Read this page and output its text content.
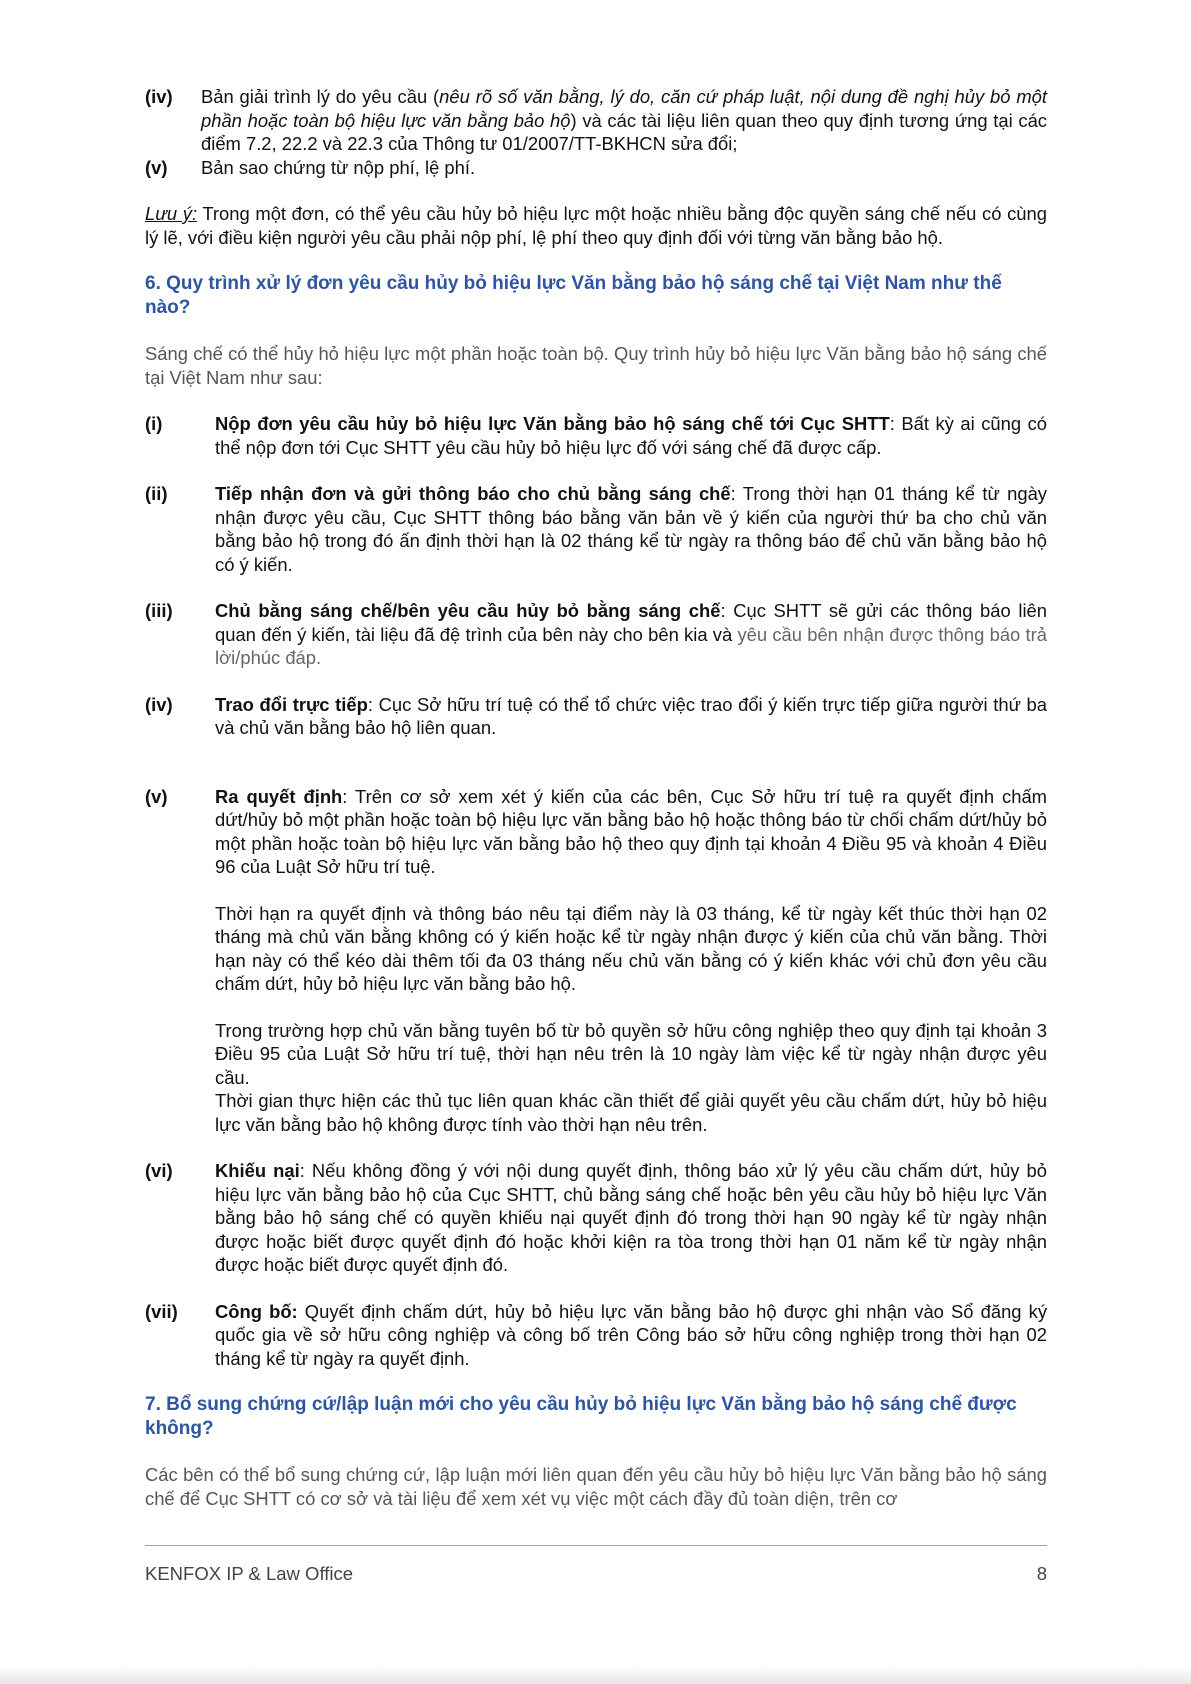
(iv)	Bản giải trình lý do yêu cầu (nêu rõ số văn bằng, lý do, căn cứ pháp luật, nội dung đề nghị hủy bỏ một phần hoặc toàn bộ hiệu lực văn bằng bảo hộ) và các tài liệu liên quan theo quy định tương ứng tại các điểm 7.2, 22.2 và 22.3 của Thông tư 01/2007/TT-BKHCN sửa đổi;
(v)	Bản sao chứng từ nộp phí, lệ phí.

Lưu ý: Trong một đơn, có thể yêu cầu hủy bỏ hiệu lực một hoặc nhiều bằng độc quyền sáng chế nếu có cùng lý lẽ, với điều kiện người yêu cầu phải nộp phí, lệ phí theo quy định đối với từng văn bằng bảo hộ.

6. Quy trình xử lý đơn yêu cầu hủy bỏ hiệu lực Văn bằng bảo hộ sáng chế tại Việt Nam như thế nào?

Sáng chế có thể hủy hỏ hiệu lực một phần hoặc toàn bộ. Quy trình hủy bỏ hiệu lực Văn bằng bảo hộ sáng chế tại Việt Nam như sau:

(i)	Nộp đơn yêu cầu hủy bỏ hiệu lực Văn bằng bảo hộ sáng chế tới Cục SHTT: Bất kỳ ai cũng có thể nộp đơn tới Cục SHTT yêu cầu hủy bỏ hiệu lực đố với sáng chế đã được cấp.
(ii)	Tiếp nhận đơn và gửi thông báo cho chủ bằng sáng chế: Trong thời hạn 01 tháng kể từ ngày nhận được yêu cầu, Cục SHTT thông báo bằng văn bản về ý kiến của người thứ ba cho chủ văn bằng bảo hộ trong đó ấn định thời hạn là 02 tháng kể từ ngày ra thông báo để chủ văn bằng bảo hộ có ý kiến.
(iii)	Chủ bằng sáng chế/bên yêu cầu hủy bỏ bằng sáng chế: Cục SHTT sẽ gửi các thông báo liên quan đến ý kiến, tài liệu đã đệ trình của bên này cho bên kia và yêu cầu bên nhận được thông báo trả lời/phúc đáp.
(iv)	Trao đổi trực tiếp: Cục Sở hữu trí tuệ có thể tổ chức việc trao đổi ý kiến trực tiếp giữa người thứ ba và chủ văn bằng bảo hộ liên quan.
(v)	Ra quyết định: Trên cơ sở xem xét ý kiến của các bên, Cục Sở hữu trí tuệ ra quyết định chấm dứt/hủy bỏ một phần hoặc toàn bộ hiệu lực văn bằng bảo hộ hoặc thông báo từ chối chấm dứt/hủy bỏ một phần hoặc toàn bộ hiệu lực văn bằng bảo hộ theo quy định tại khoản 4 Điều 95 và khoản 4 Điều 96 của Luật Sở hữu trí tuệ.
Thời hạn ra quyết định và thông báo nêu tại điểm này là 03 tháng, kể từ ngày kết thúc thời hạn 02 tháng mà chủ văn bằng không có ý kiến hoặc kể từ ngày nhận được ý kiến của chủ văn bằng. Thời hạn này có thể kéo dài thêm tối đa 03 tháng nếu chủ văn bằng có ý kiến khác với chủ đơn yêu cầu chấm dứt, hủy bỏ hiệu lực văn bằng bảo hộ.
Trong trường hợp chủ văn bằng tuyên bố từ bỏ quyền sở hữu công nghiệp theo quy định tại khoản 3 Điều 95 của Luật Sở hữu trí tuệ, thời hạn nêu trên là 10 ngày làm việc kể từ ngày nhận được yêu cầu.
Thời gian thực hiện các thủ tục liên quan khác cần thiết để giải quyết yêu cầu chấm dứt, hủy bỏ hiệu lực văn bằng bảo hộ không được tính vào thời hạn nêu trên.
(vi)	Khiếu nại: Nếu không đồng ý với nội dung quyết định, thông báo xử lý yêu cầu chấm dứt, hủy bỏ hiệu lực văn bằng bảo hộ của Cục SHTT, chủ bằng sáng chế hoặc bên yêu cầu hủy bỏ hiệu lực Văn bằng bảo hộ sáng chế có quyền khiếu nại quyết định đó trong thời hạn 90 ngày kể từ ngày nhận được hoặc biết được quyết định đó hoặc khởi kiện ra tòa trong thời hạn 01 năm kể từ ngày nhận được hoặc biết được quyết định đó.
(vii)	Công bố: Quyết định chấm dứt, hủy bỏ hiệu lực văn bằng bảo hộ được ghi nhận vào Sổ đăng ký quốc gia về sở hữu công nghiệp và công bố trên Công báo sở hữu công nghiệp trong thời hạn 02 tháng kể từ ngày ra quyết định.
7. Bổ sung chứng cứ/lập luận mới cho yêu cầu hủy bỏ hiệu lực Văn bằng bảo hộ sáng chế được không?

Các bên có thể bổ sung chứng cứ, lập luận mới liên quan đến yêu cầu hủy bỏ hiệu lực Văn bằng bảo hộ sáng chế để Cục SHTT có cơ sở và tài liệu để xem xét vụ việc một cách đầy đủ toàn diện, trên cơ

KENFOX IP & Law Office	8
